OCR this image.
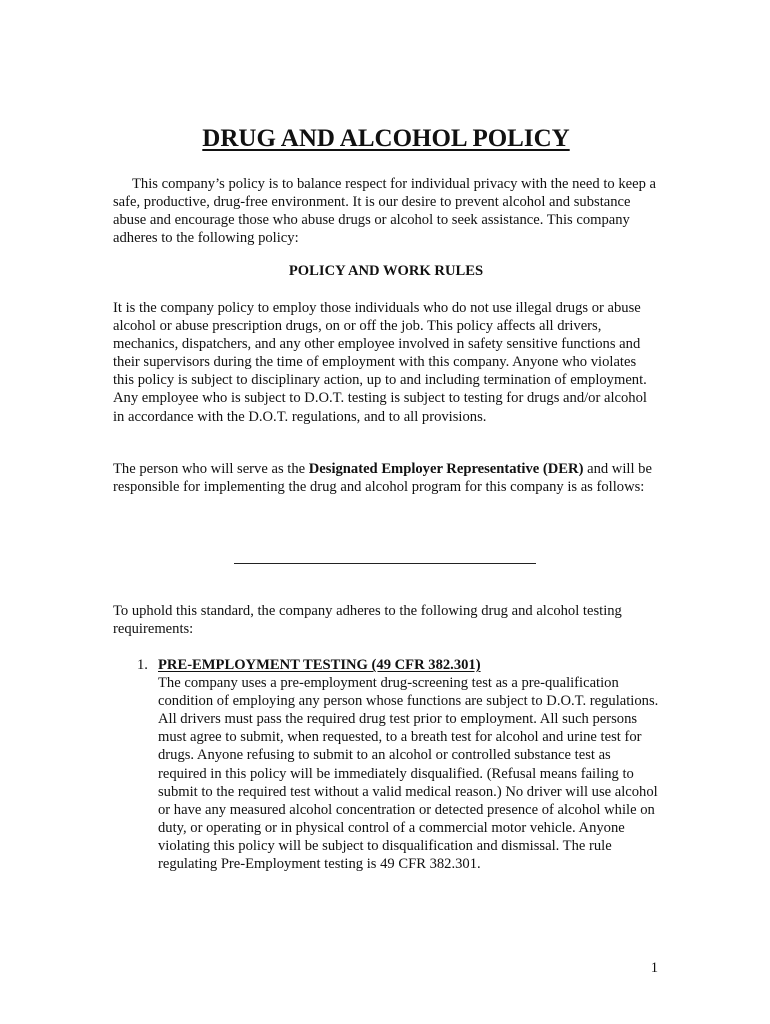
DRUG AND ALCOHOL POLICY

This company’s policy is to balance respect for individual privacy with the need to keep a safe, productive, drug-free environment. It is our desire to prevent alcohol and substance abuse and encourage those who abuse drugs or alcohol to seek assistance. This company adheres to the following policy:

POLICY AND WORK RULES

It is the company policy to employ those individuals who do not use illegal drugs or abuse alcohol or abuse prescription drugs, on or off the job. This policy affects all drivers, mechanics, dispatchers, and any other employee involved in safety sensitive functions and their supervisors during the time of employment with this company. Anyone who violates this policy is subject to disciplinary action, up to and including termination of employment. Any employee who is subject to D.O.T. testing is subject to testing for drugs and/or alcohol in accordance with the D.O.T. regulations, and to all provisions.

The person who will serve as the Designated Employer Representative (DER) and will be responsible for implementing the drug and alcohol program for this company is as follows:

To uphold this standard, the company adheres to the following drug and alcohol testing requirements:

1. PRE-EMPLOYMENT TESTING (49 CFR 382.301)
The company uses a pre-employment drug-screening test as a pre-qualification condition of employing any person whose functions are subject to D.O.T. regulations. All drivers must pass the required drug test prior to employment. All such persons must agree to submit, when requested, to a breath test for alcohol and urine test for drugs. Anyone refusing to submit to an alcohol or controlled substance test as required in this policy will be immediately disqualified. (Refusal means failing to submit to the required test without a valid medical reason.) No driver will use alcohol or have any measured alcohol concentration or detected presence of alcohol while on duty, or operating or in physical control of a commercial motor vehicle. Anyone violating this policy will be subject to disqualification and dismissal. The rule regulating Pre-Employment testing is 49 CFR 382.301.
1
